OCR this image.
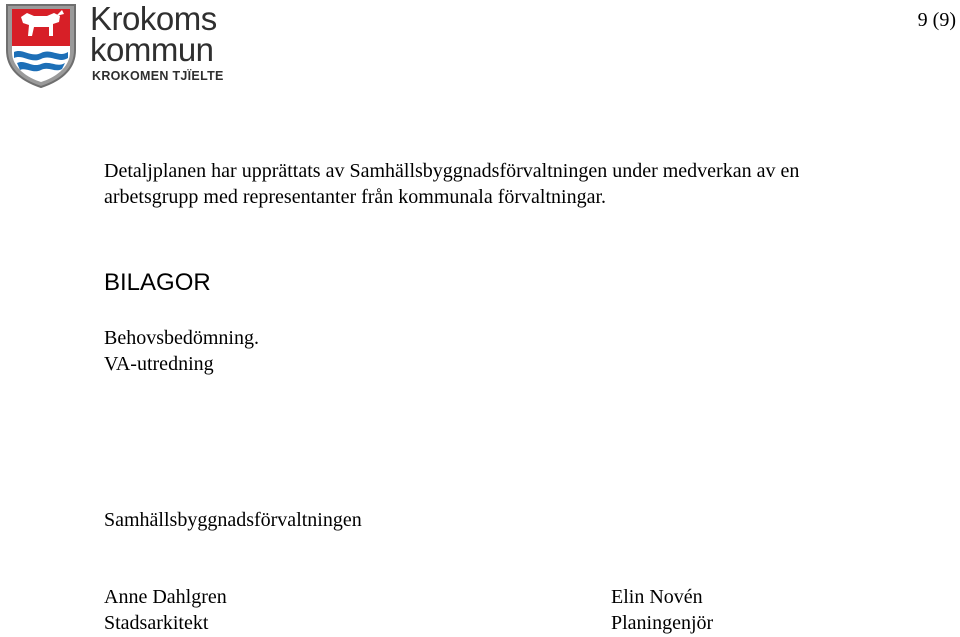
Krokoms
kommun
KROKOMEN TJÏELTE
9 (9)

Detaljplanen har upprättats av Samhällsbyggnadsförvaltningen under medverkan av en arbetsgrupp med representanter från kommunala förvaltningar.

BILAGOR
Behovsbedömning.
VA-utredning
Samhällsbyggnadsförvaltningen
Anne Dahlgren
Stadsarkitekt
Elin Novén
Planingenjör
